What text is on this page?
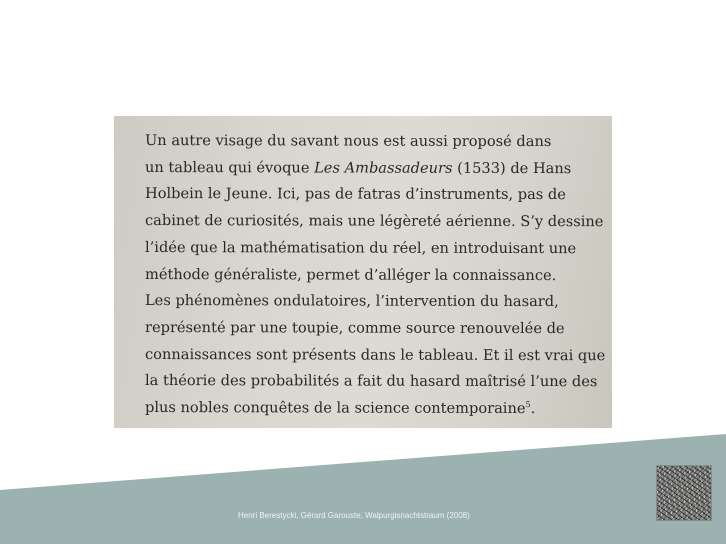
Un autre visage du savant nous est aussi proposé dans
un tableau qui évoque Les Ambassadeurs (1533) de Hans
Holbein le Jeune. Ici, pas de fatras d’instruments, pas de
cabinet de curiosités, mais une légèreté aérienne. S’y dessine
l’idée que la mathématisation du réel, en introduisant une
méthode généraliste, permet d’alléger la connaissance.
Les phénomènes ondulatoires, l’intervention du hasard,
représenté par une toupie, comme source renouvelée de
connaissances sont présents dans le tableau. Et il est vrai que
la théorie des probabilités a fait du hasard maîtrisé l’une des
plus nobles conquêtes de la science contemporaine$^5$.

Henri Berestycki, Gérard Garouste, Walpurgisnachtstraum (2008)
